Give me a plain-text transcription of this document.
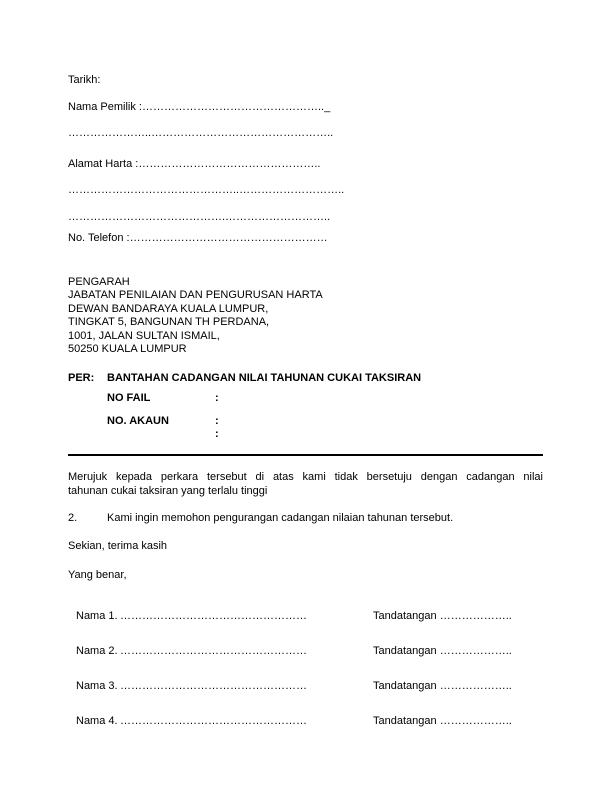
Tarikh:
Nama Pemilik :………………………………………….._
…………………..…………………………………………..
Alamat Harta :…………………………………………..
………………………………………..………………………..
…………………………………….………………………..
No. Telefon :………………………………………………
PENGARAH
JABATAN PENILAIAN DAN PENGURUSAN HARTA
DEWAN BANDARAYA KUALA LUMPUR,
TINGKAT 5, BANGUNAN TH PERDANA,
1001, JALAN SULTAN ISMAIL,
50250 KUALA LUMPUR
PER: BANTAHAN CADANGAN NILAI TAHUNAN CUKAI TAKSIRAN
NO FAIL	:
NO. AKAUN	:
:
Merujuk kepada perkara tersebut di atas kami tidak bersetuju dengan cadangan nilai
tahunan cukai taksiran yang terlalu tinggi
2.	Kami ingin memohon pengurangan cadangan nilaian tahunan tersebut.
Sekian, terima kasih
Yang benar,
Nama 1. ……………………………………………	Tandatangan ………………..
Nama 2. ……………………………………………	Tandatangan ………………..
Nama 3. ……………………………………………	Tandatangan ………………..
Nama 4. ……………………………………………	Tandatangan ………………..
